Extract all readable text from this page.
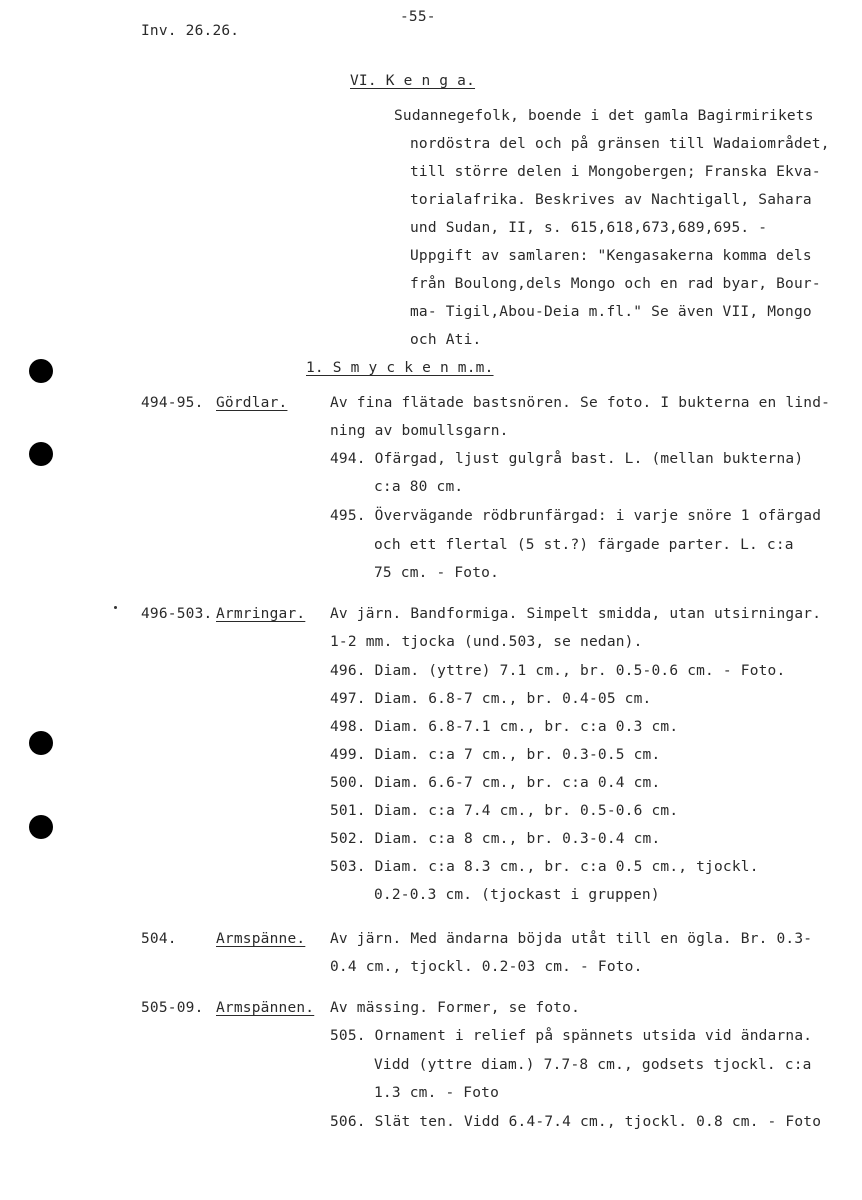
Inv. 26.26.
-55-
VI. K e n g a.
Sudannegefolk, boende i det gamla Bagirmirikets
nordöstra del och på gränsen till Wadaiområdet,
till större delen i Mongobergen; Franska Ekva-
torialafrika. Beskrives av Nachtigall, Sahara
und Sudan, II, s. 615,618,673,689,695. -
Uppgift av samlaren: "Kengasakerna komma dels
från Boulong,dels Mongo och en rad byar, Bour-
ma- Tigil,Abou-Deia m.fl." Se även VII, Mongo
och Ati.
1. S m y c k e n m.m.
494-95. Gördlar.	Av fina flätade bastsnören. Se foto. I bukterna en lind-
ning av bomullsgarn.
494. Ofärgad, ljust gulgrå bast. L. (mellan bukterna)
c:a 80 cm.
495. Övervägande rödbrunfärgad: i varje snöre 1 ofärgad
och ett flertal (5 st.?) färgade parter. L. c:a
75 cm. - Foto.
496-503. Armringar. Av järn. Bandformiga. Simpelt smidda, utan utsirningar.
1-2 mm. tjocka (und.503, se nedan).
496. Diam. (yttre) 7.1 cm., br. 0.5-0.6 cm. - Foto.
497. Diam. 6.8-7 cm., br. 0.4-05 cm.
498. Diam. 6.8-7.1 cm., br. c:a 0.3 cm.
499. Diam. c:a 7 cm., br. 0.3-0.5 cm.
500. Diam. 6.6-7 cm., br. c:a 0.4 cm.
501. Diam. c:a 7.4 cm., br. 0.5-0.6 cm.
502. Diam. c:a 8 cm., br. 0.3-0.4 cm.
503. Diam. c:a 8.3 cm., br. c:a 0.5 cm., tjockl.
0.2-0.3 cm. (tjockast i gruppen)
504.	Armspänne. Av järn. Med ändarna böjda utåt till en ögla. Br. 0.3-
0.4 cm., tjockl. 0.2-03 cm. - Foto.
505-09. Armspännen. Av mässing. Former, se foto.
505. Ornament i relief på spännets utsida vid ändarna.
Vidd (yttre diam.) 7.7-8 cm., godsets tjockl. c:a
1.3 cm. - Foto
506. Slät ten. Vidd 6.4-7.4 cm., tjockl. 0.8 cm. - Foto
